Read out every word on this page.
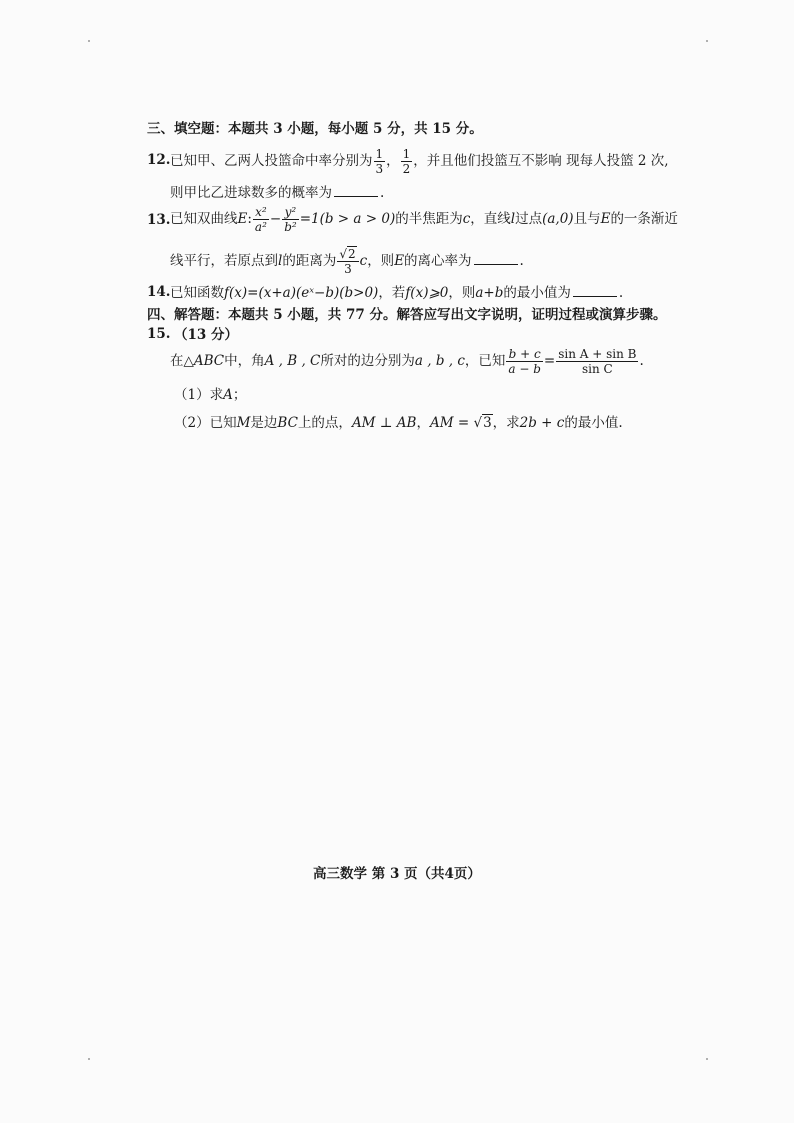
三、填空题：本题共 3 小题，每小题 5 分，共 15 分。
12. 已知甲、乙两人投篮命中率分别为 $\frac{1}{3}$ ， $\frac{1}{2}$ ，并且他们投篮互不影响 现每人投篮 2 次,
则甲比乙进球数多的概率为	.
13. 已知双曲线E: $\frac{\text{x²}}{\text{a²}} - \frac{\text{y²}}{\text{b²}} =1(b > a > 0)$的半焦距为c，直线l过点(a,0)且与E的一条渐近
线平行，若原点到l的距离为 $\frac{√2}{3}$ c，则E的离心率为	.
14. 已知函数f(x)=(x+a)(eˣ−b)(b>0)，若f(x)⩾0，则a+b的最小值为	.
四、解答题：本题共 5 小题，共 77 分。解答应写出文字说明，证明过程或演算步骤。
15. （13 分）
在△ABC中，角A , B , C所对的边分别为a , b , c，已知 $\frac{b + c}{a - b} = \frac{\text{sin A + sin B}}{\text{sin C}}$ .
（1）求A；
（2）已知M是边BC上的点，AM ⊥ AB，AM = √3，求2b + c的最小值.
高三数学 第 3 页（共4页）
